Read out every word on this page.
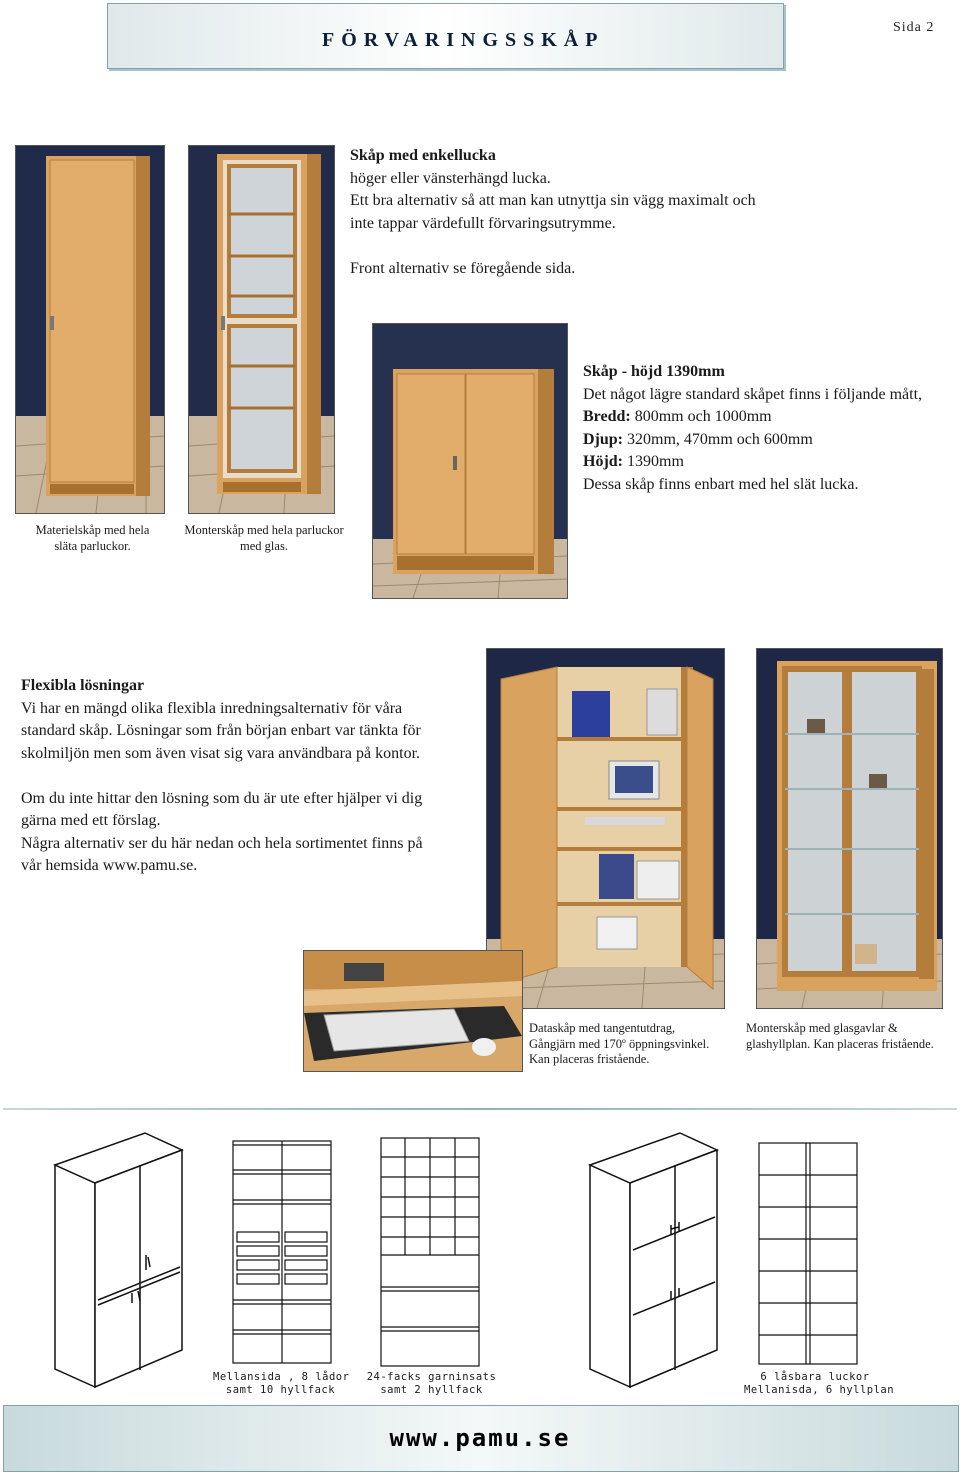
FÖRVARINGSSKÅP
Sida 2
Skåp med enkellucka
höger eller vänsterhängd lucka.
Ett bra alternativ så att man kan utnyttja sin vägg maximalt och
inte tappar värdefullt förvaringsutrymme.
Front alternativ se föregående sida.
Skåp - höjd 1390mm
Det något lägre standard skåpet finns i följande mått,
Bredd: 800mm och 1000mm
Djup: 320mm, 470mm och 600mm
Höjd: 1390mm
Dessa skåp finns enbart med hel slät lucka.
Materielskåp med hela
släta parluckor.
Monterskåp med hela parluckor
med glas.
Flexibla lösningar
Vi har en mängd olika flexibla inredningsalternativ för våra
standard skåp. Lösningar som från början enbart var tänkta för
skolmiljön men som även visat sig vara användbara på kontor.
Om du inte hittar den lösning som du är ute efter hjälper vi dig
gärna med ett förslag.
Några alternativ ser du här nedan och hela sortimentet finns på
vår hemsida www.pamu.se.
Dataskåp med tangentutdrag,
Gångjärn med 170º öppningsvinkel.
Kan placeras fristående.
Monterskåp med glasgavlar &
glashyllplan. Kan placeras fristående.
Mellansida , 8 lådor
samt 10 hyllfack
24-facks garninsats
samt 2 hyllfack
6 låsbara luckor
Mellanisda, 6 hyllplan
www.pamu.se
